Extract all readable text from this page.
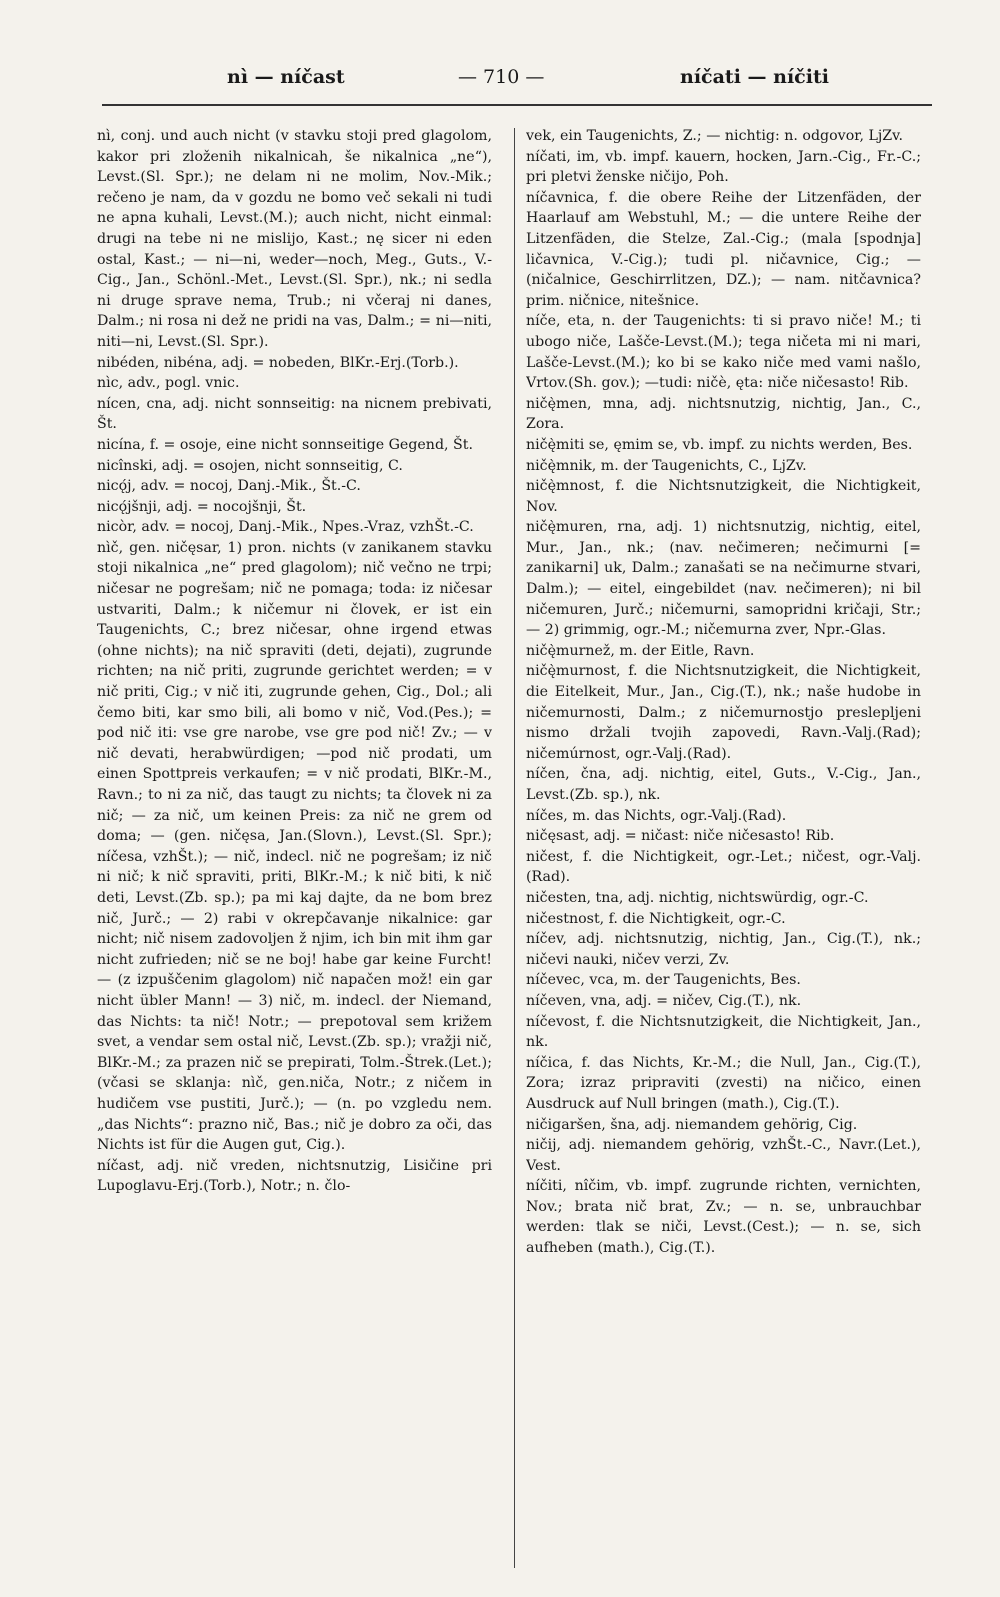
nì — níčast	— 710 —	níčati — níčiti

nì, conj. und auch nicht (v stavku stoji pred glagolom, kakor pri zloženih nikalnicah, še nikalnica „ne“), Levst.(Sl. Spr.); ne delam ni ne molim, Nov.-Mik.; rečeno je nam, da v gozdu ne bomo več sekali ni tudi ne apna kuhali, Levst.(M.); auch nicht, nicht einmal: drugi na tebe ni ne mislijo, Kast.; nę sicer ni eden ostal, Kast.; — ni—ni, weder—noch, Meg., Guts., V.-Cig., Jan., Schönl.-Met., Levst.(Sl. Spr.), nk.; ni sedla ni druge sprave nema, Trub.; ni včeraj ni danes, Dalm.; ni rosa ni dež ne pridi na vas, Dalm.; = ni—niti, niti—ni, Levst.(Sl. Spr.).

nibéden, nibéna, adj. = nobeden, BlKr.-Erj.(Torb.).

nìc, adv., pogl. vnic.

nícen, cna, adj. nicht sonnseitig: na nicnem prebivati, Št.

nicína, f. = osoje, eine nicht sonnseitige Gegend, Št.

nicînski, adj. = osojen, nicht sonnseitig, C.

nicǫ́j, adv. = nocoj, Danj.-Mik., Št.-C.

nicǫ́jšnji, adj. = nocojšnji, Št.

nicòr, adv. = nocoj, Danj.-Mik., Npes.-Vraz, vzhŠt.-C.

nìč, gen. ničęsar, 1) pron. nichts (v zanikanem stavku stoji nikalnica „ne“ pred glagolom); nič večno ne trpi; ničesar ne pogrešam; nič ne pomaga; toda: iz ničesar ustvariti, Dalm.; k ničemur ni človek, er ist ein Taugenichts, C.; brez ničesar, ohne irgend etwas (ohne nichts); na nič spraviti (deti, dejati), zugrunde richten; na nič priti, zugrunde gerichtet werden; = v nič priti, Cig.; v nič iti, zugrunde gehen, Cig., Dol.; ali čemo biti, kar smo bili, ali bomo v nič, Vod.(Pes.); = pod nič iti: vse gre narobe, vse gre pod nič! Zv.; — v nič devati, herabwürdigen; —pod nič prodati, um einen Spottpreis verkaufen; = v nič prodati, BlKr.-M., Ravn.; to ni za nič, das taugt zu nichts; ta človek ni za nič; — za nič, um keinen Preis: za nič ne grem od doma; — (gen. ničęsa, Jan.(Slovn.), Levst.(Sl. Spr.); níčesa, vzhŠt.); — nič, indecl. nič ne pogrešam; iz nič ni nič; k nič spraviti, priti, BlKr.-M.; k nič biti, k nič deti, Levst.(Zb. sp.); pa mi kaj dajte, da ne bom brez nič, Jurč.; — 2) rabi v okrepčavanje nikalnice: gar nicht; nič nisem zadovoljen ž njim, ich bin mit ihm gar nicht zufrieden; nič se ne boj! habe gar keine Furcht! — (z izpuščenim glagolom) nič napačen mož! ein gar nicht übler Mann! — 3) nič, m. indecl. der Niemand, das Nichts: ta nič! Notr.; — prepotoval sem križem svet, a vendar sem ostal nič, Levst.(Zb. sp.); vražji nič, BlKr.-M.; za prazen nič se prepirati, Tolm.-Štrek.(Let.); (včasi se sklanja: nìč, gen.niča, Notr.; z ničem in hudičem vse pustiti, Jurč.); — (n. po vzgledu nem. „das Nichts“: prazno nič, Bas.; nič je dobro za oči, das Nichts ist für die Augen gut, Cig.).

níčast, adj. nič vreden, nichtsnutzig, Lisičine pri Lupoglavu-Erj.(Torb.), Notr.; n. člo-

vek, ein Taugenichts, Z.; — nichtig: n. odgovor, LjZv.

níčati, im, vb. impf. kauern, hocken, Jarn.-Cig., Fr.-C.; pri pletvi ženske ničijo, Poh.

níčavnica, f. die obere Reihe der Litzenfäden, der Haarlauf am Webstuhl, M.; — die untere Reihe der Litzenfäden, die Stelze, Zal.-Cig.; (mala [spodnja] ličavnica, V.-Cig.); tudi pl. ničavnice, Cig.; — (ničalnice, Geschirrlitzen, DZ.); — nam. nitčavnica? prim. ničnice, nitešnice.

níče, eta, n. der Taugenichts: ti si pravo niče! M.; ti ubogo niče, Lašče-Levst.(M.); tega ničeta mi ni mari, Lašče-Levst.(M.); ko bi se kako niče med vami našlo, Vrtov.(Sh. gov.); —tudi: ničè, ęta: niče ničesasto! Rib.

ničę̀men, mna, adj. nichtsnutzig, nichtig, Jan., C., Zora.

ničę̀miti se, ęmim se, vb. impf. zu nichts werden, Bes.

ničę̀mnik, m. der Taugenichts, C., LjZv.

ničę̀mnost, f. die Nichtsnutzigkeit, die Nichtigkeit, Nov.

ničę̀muren, rna, adj. 1) nichtsnutzig, nichtig, eitel, Mur., Jan., nk.; (nav. nečimeren; nečimurni [= zanikarni] uk, Dalm.; zanašati se na nečimurne stvari, Dalm.); — eitel, eingebildet (nav. nečimeren); ni bil ničemuren, Jurč.; ničemurni, samopridni kričaji, Str.; — 2) grimmig, ogr.-M.; ničemurna zver, Npr.-Glas.

ničę̀murnež, m. der Eitle, Ravn.

ničę̀murnost, f. die Nichtsnutzigkeit, die Nichtigkeit, die Eitelkeit, Mur., Jan., Cig.(T.), nk.; naše hudobe in ničemurnosti, Dalm.; z ničemurnostjo presleplјeni nismo držali tvojih zapovedi, Ravn.-Valj.(Rad); ničemúrnost, ogr.-Valj.(Rad).

níčen, čna, adj. nichtig, eitel, Guts., V.-Cig., Jan., Levst.(Zb. sp.), nk.

níčes, m. das Nichts, ogr.-Valj.(Rad).

ničęsast, adj. = ničast: niče ničesasto! Rib.

ničest, f. die Nichtigkeit, ogr.-Let.; ničest, ogr.-Valj.(Rad).

ničesten, tna, adj. nichtig, nichtswürdig, ogr.-C.

ničestnost, f. die Nichtigkeit, ogr.-C.

níčev, adj. nichtsnutzig, nichtig, Jan., Cig.(T.), nk.; ničevi nauki, ničev verzi, Zv.

níčevec, vca, m. der Taugenichts, Bes.

níčeven, vna, adj. = ničev, Cig.(T.), nk.

níčevost, f. die Nichtsnutzigkeit, die Nichtigkeit, Jan., nk.

níčica, f. das Nichts, Kr.-M.; die Null, Jan., Cig.(T.), Zora; izraz pripraviti (zvesti) na ničico, einen Ausdruck auf Null bringen (math.), Cig.(T.).

ničigaršen, šna, adj. niemandem gehörig, Cig.

ničij, adj. niemandem gehörig, vzhŠt.-C., Navr.(Let.), Vest.

níčiti, nîčim, vb. impf. zugrunde richten, vernichten, Nov.; brata nič brat, Zv.; — n. se, unbrauchbar werden: tlak se niči, Levst.(Cest.); — n. se, sich aufheben (math.), Cig.(T.).
